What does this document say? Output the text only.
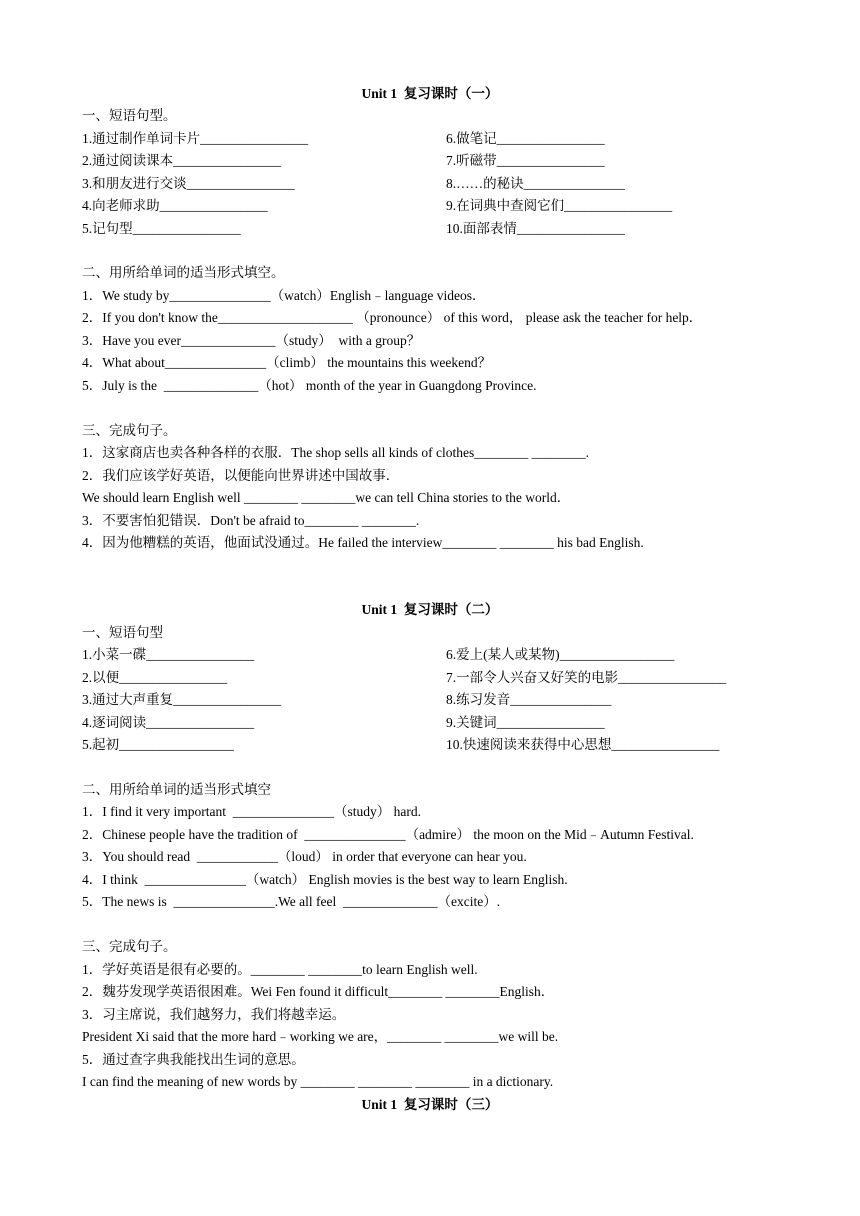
Unit 1  复习课时（一）
一、短语句型。
1.通过制作单词卡片________________
2.通过阅读课本________________
3.和朋友进行交谈________________
4.向老师求助________________
5.记句型________________
6.做笔记________________
7.听磁带________________
8.……的秘诀_______________
9.在词典中查阅它们________________
10.面部表情________________
二、用所给单词的适当形式填空。
1．We study by_______________（watch）English﹣language videos．
2．If you don't know the____________________ （pronounce） of this word， please ask the teacher for help．
3．Have you ever______________（study）  with a group？
4．What about_______________（climb） the mountains this weekend？
5．July is the  ______________（hot） month of the year in Guangdong Province.
三、完成句子。
1．这家商店也卖各种各样的衣服．The shop sells all kinds of clothes________ ________.
2．我们应该学好英语，以便能向世界讲述中国故事．
We should learn English well ________ ________we can tell China stories to the world．
3．不要害怕犯错误．Don't be afraid to________ ________.
4．因为他糟糕的英语，他面试没通过。He failed the interview________ ________ his bad English.
Unit 1  复习课时（二）
一、短语句型
1.小菜一碟________________
2.以便________________
3.通过大声重复________________
4.逐词阅读________________
5.起初_________________
6.爱上(某人或某物)_________________
7.一部令人兴奋又好笑的电影________________
8.练习发音_______________
9.关键词________________
10.快速阅读来获得中心思想________________
二、用所给单词的适当形式填空
1．I find it very important  _______________（study） hard.
2．Chinese people have the tradition of  _______________（admire） the moon on the Mid﹣Autumn Festival.
3．You should read  ____________（loud） in order that everyone can hear you.
4．I think  _______________（watch） English movies is the best way to learn English.
5．The news is  _______________.We all feel  ______________（excite）.
三、完成句子。
1．学好英语是很有必要的。________ ________to learn English well.
2．魏芬发现学英语很困难。Wei Fen found it difficult________ ________English．
3．习主席说，我们越努力，我们将越幸运。
President Xi said that the more hard﹣working we are，________ ________we will be.
5．通过查字典我能找出生词的意思。
I can find the meaning of new words by ________ ________ ________ in a dictionary.
Unit 1  复习课时（三）
